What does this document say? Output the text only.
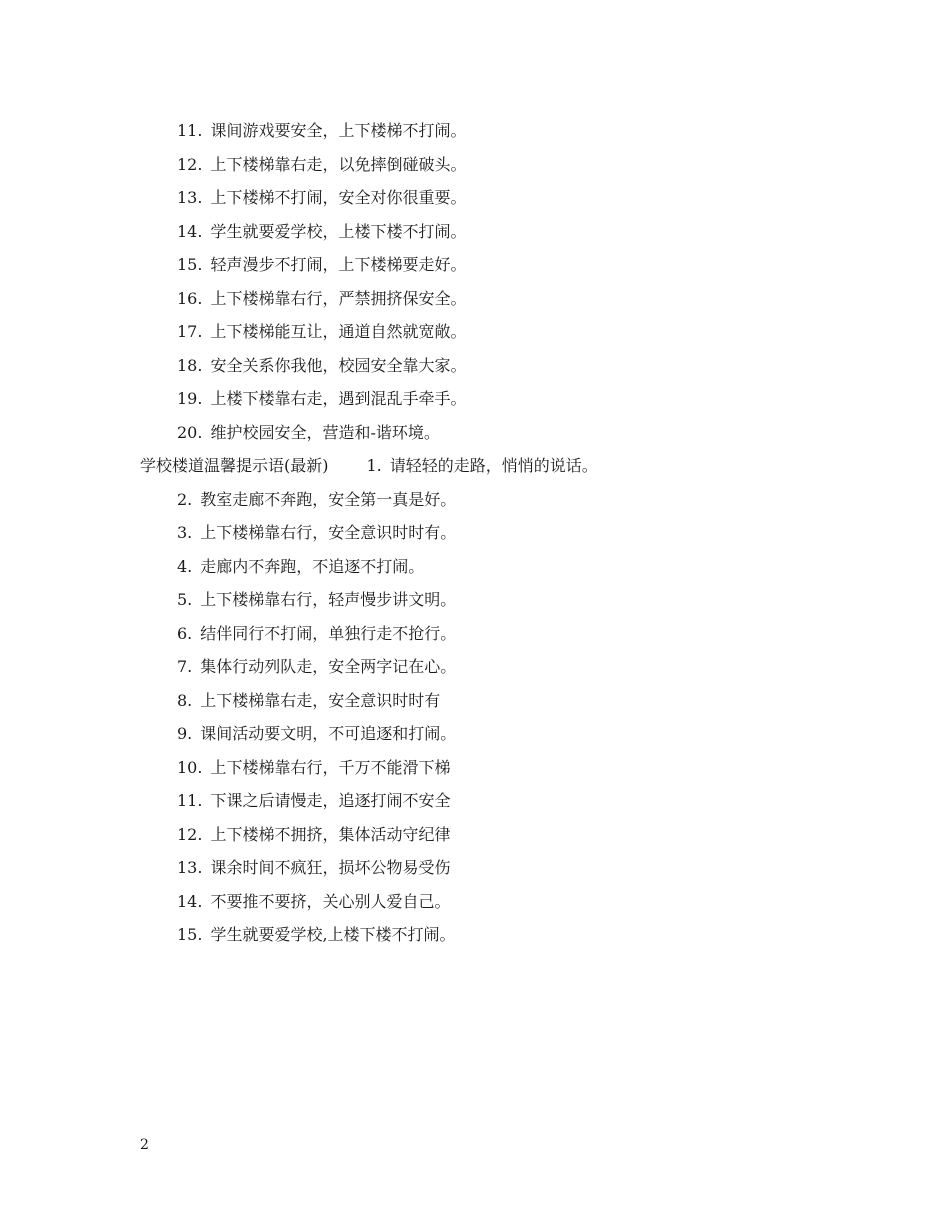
11. 课间游戏要安全，上下楼梯不打闹。
12. 上下楼梯靠右走，以免摔倒碰破头。
13. 上下楼梯不打闹，安全对你很重要。
14. 学生就要爱学校，上楼下楼不打闹。
15. 轻声漫步不打闹，上下楼梯要走好。
16. 上下楼梯靠右行，严禁拥挤保安全。
17. 上下楼梯能互让，通道自然就宽敞。
18. 安全关系你我他，校园安全靠大家。
19. 上楼下楼靠右走，遇到混乱手牵手。
20. 维护校园安全，营造和-谐环境。
学校楼道温馨提示语(最新) 1. 请轻轻的走路，悄悄的说话。
2. 教室走廊不奔跑，安全第一真是好。
3. 上下楼梯靠右行，安全意识时时有。
4. 走廊内不奔跑，不追逐不打闹。
5. 上下楼梯靠右行，轻声慢步讲文明。
6. 结伴同行不打闹，单独行走不抢行。
7. 集体行动列队走，安全两字记在心。
8. 上下楼梯靠右走，安全意识时时有
9. 课间活动要文明，不可追逐和打闹。
10. 上下楼梯靠右行，千万不能滑下梯
11. 下课之后请慢走，追逐打闹不安全
12. 上下楼梯不拥挤，集体活动守纪律
13. 课余时间不疯狂，损坏公物易受伤
14. 不要推不要挤，关心别人爱自己。
15. 学生就要爱学校,上楼下楼不打闹。
2
